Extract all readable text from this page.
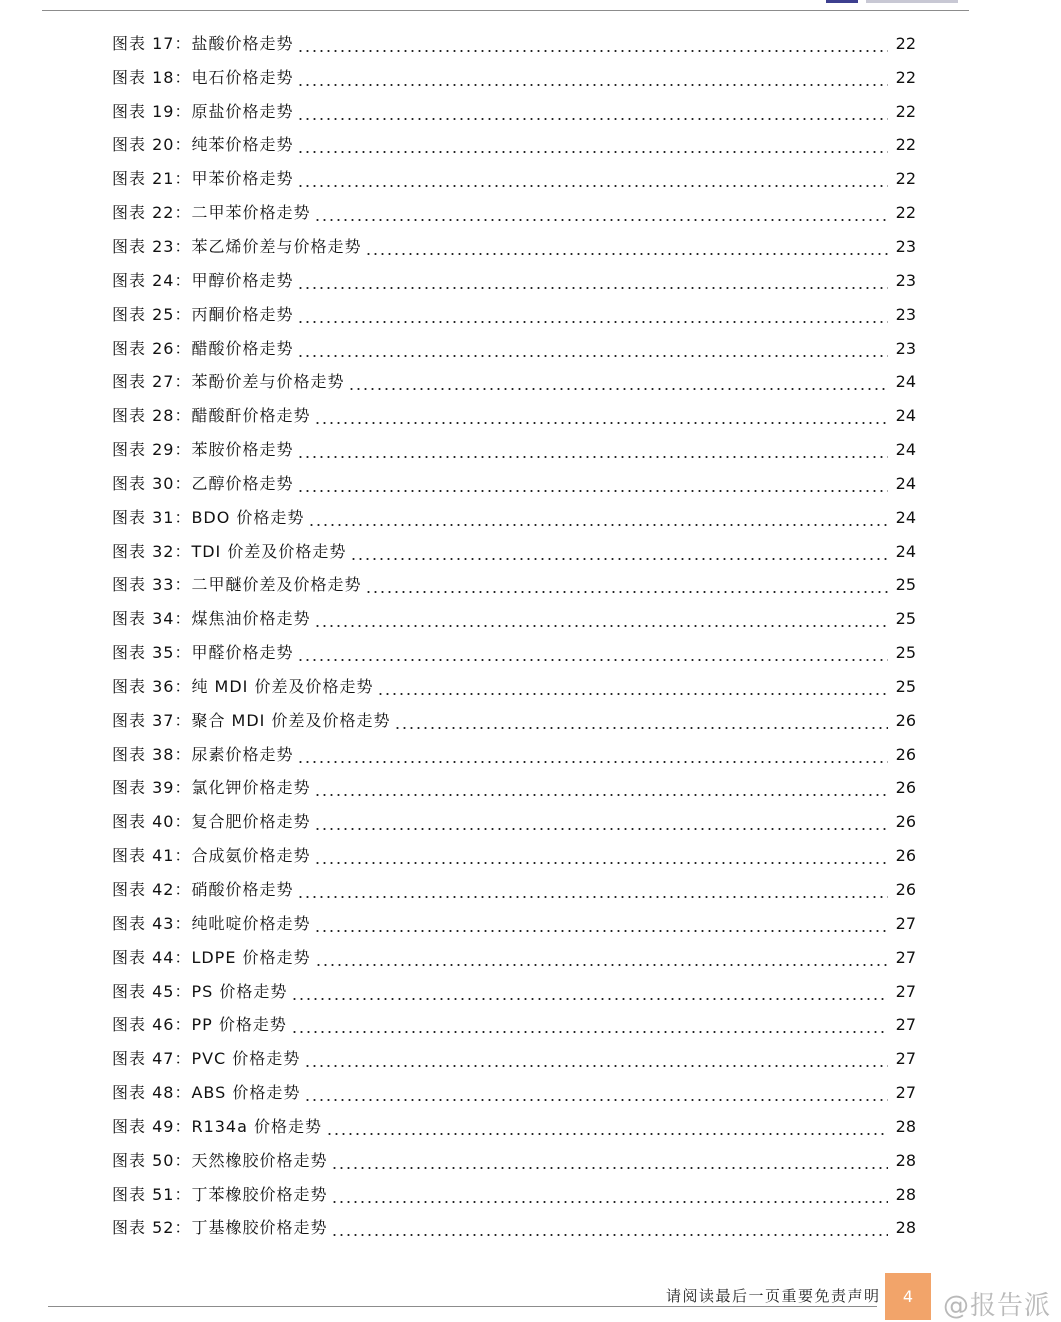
图表 17：盐酸价格走势	22
图表 18：电石价格走势	22
图表 19：原盐价格走势	22
图表 20：纯苯价格走势	22
图表 21：甲苯价格走势	22
图表 22：二甲苯价格走势	22
图表 23：苯乙烯价差与价格走势	23
图表 24：甲醇价格走势	23
图表 25：丙酮价格走势	23
图表 26：醋酸价格走势	23
图表 27：苯酚价差与价格走势	24
图表 28：醋酸酐价格走势	24
图表 29：苯胺价格走势	24
图表 30：乙醇价格走势	24
图表 31：BDO 价格走势	24
图表 32：TDI 价差及价格走势	24
图表 33：二甲醚价差及价格走势	25
图表 34：煤焦油价格走势	25
图表 35：甲醛价格走势	25
图表 36：纯 MDI 价差及价格走势	25
图表 37：聚合 MDI 价差及价格走势	26
图表 38：尿素价格走势	26
图表 39：氯化钾价格走势	26
图表 40：复合肥价格走势	26
图表 41：合成氨价格走势	26
图表 42：硝酸价格走势	26
图表 43：纯吡啶价格走势	27
图表 44：LDPE 价格走势	27
图表 45：PS 价格走势	27
图表 46：PP 价格走势	27
图表 47：PVC 价格走势	27
图表 48：ABS 价格走势	27
图表 49：R134a 价格走势	28
图表 50：天然橡胶价格走势	28
图表 51：丁苯橡胶价格走势	28
图表 52：丁基橡胶价格走势	28
请阅读最后一页重要免责声明	4	@报告派
